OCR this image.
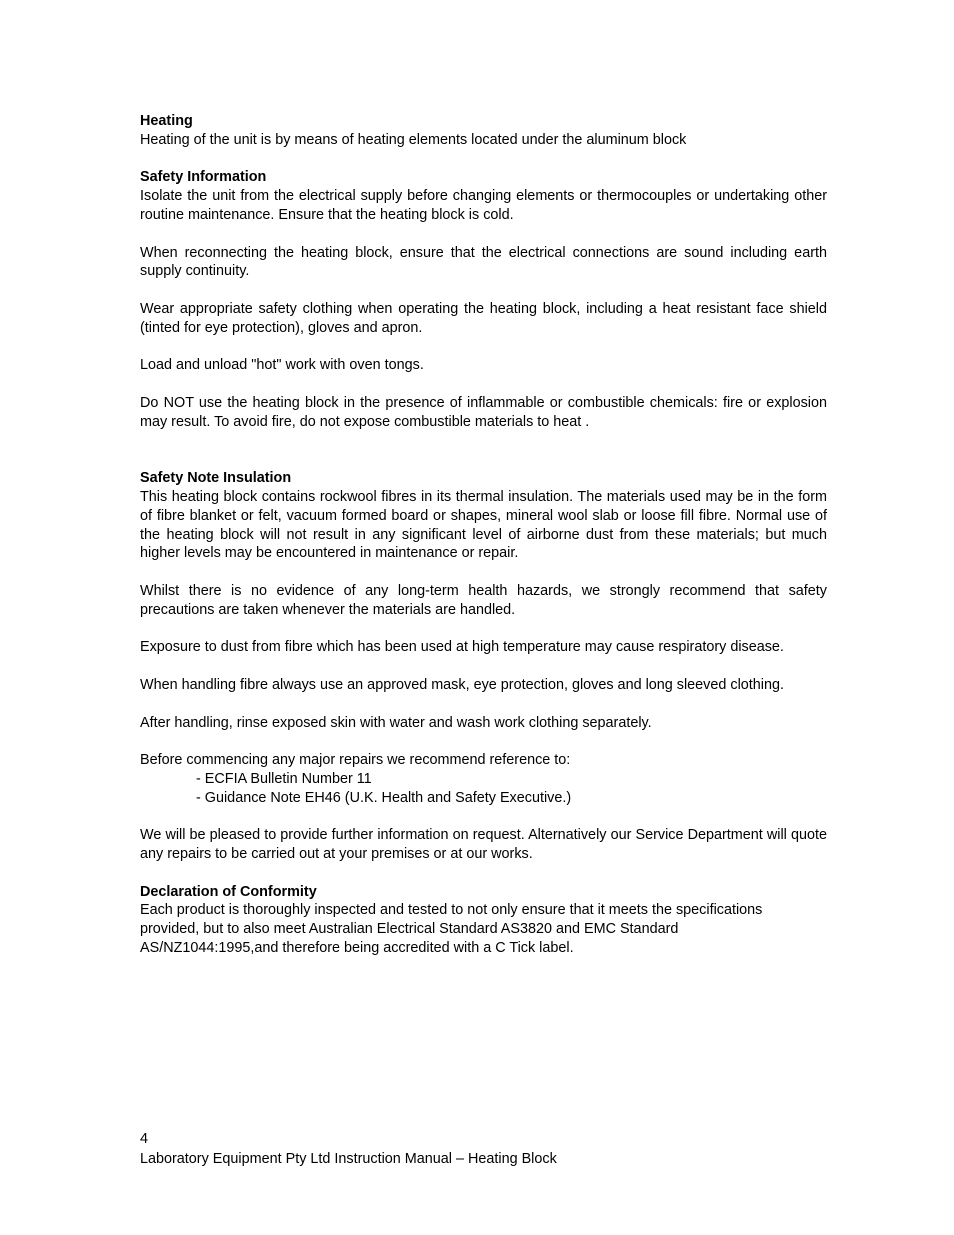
Heating

Heating of the unit is by means of heating elements located under the aluminum block

Safety Information

Isolate the unit from the electrical supply before changing elements or thermocouples or undertaking other routine maintenance. Ensure that the heating block is cold.

When reconnecting the heating block, ensure that the electrical connections are sound including earth supply continuity.

Wear appropriate safety clothing when operating the heating block, including a heat resistant face shield (tinted for eye protection), gloves and apron.

Load and unload "hot" work with oven tongs.

Do NOT use the heating block in the presence of inflammable or combustible chemicals: fire or explosion may result. To avoid fire, do not expose combustible materials to heat .

Safety Note Insulation

This heating block contains rockwool fibres in its thermal insulation. The materials used may be in the form of fibre blanket or felt, vacuum formed board or shapes, mineral wool slab or loose fill fibre. Normal use of the heating block will not result in any significant level of airborne dust from these materials; but much higher levels may be encountered in maintenance or repair.

Whilst there is no evidence of any long-term health hazards, we strongly recommend that safety precautions are taken whenever the materials are handled.

Exposure to dust from fibre which has been used at high temperature may cause respiratory disease.

When handling fibre always use an approved mask, eye protection, gloves and long sleeved clothing.

After handling, rinse exposed skin with water and wash work clothing separately.

Before commencing any major repairs we recommend reference to:

- ECFIA Bulletin Number 11

- Guidance Note EH46 (U.K. Health and Safety Executive.)

We will be pleased to provide further information on request. Alternatively our Service Department will quote any repairs to be carried out at your premises or at our works.

Declaration of Conformity

Each product is thoroughly inspected and tested to not only ensure that it meets the specifications

provided, but to also meet Australian Electrical Standard AS3820 and EMC Standard

AS/NZ1044:1995,and therefore being accredited with a C Tick label.

4
Laboratory Equipment Pty Ltd Instruction Manual – Heating Block
